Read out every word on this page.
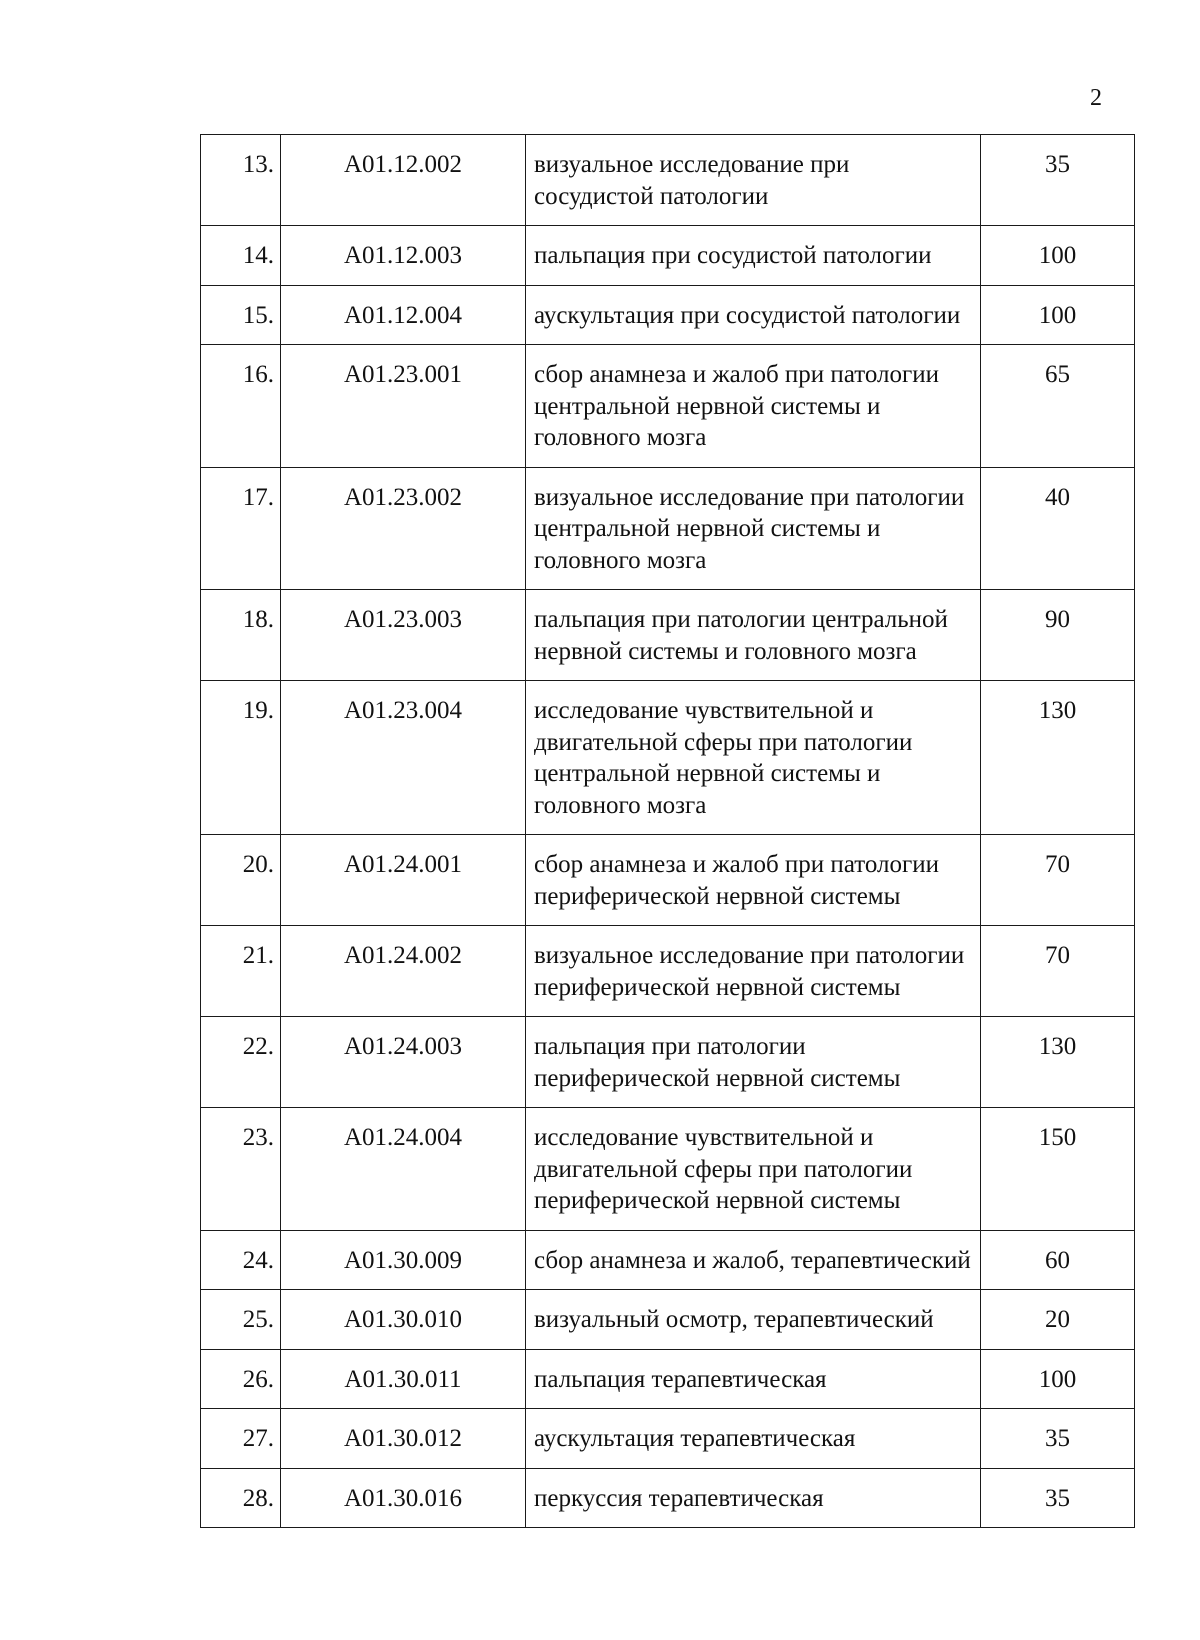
2
13.	A01.12.002	визуальное исследование при сосудистой патологии	35
14.	A01.12.003	пальпация при сосудистой патологии	100
15.	A01.12.004	аускультация при сосудистой патологии	100
16.	A01.23.001	сбор анамнеза и жалоб при патологии центральной нервной системы и головного мозга	65
17.	A01.23.002	визуальное исследование при патологии центральной нервной системы и головного мозга	40
18.	A01.23.003	пальпация при патологии центральной нервной системы и головного мозга	90
19.	A01.23.004	исследование чувствительной и двигательной сферы при патологии центральной нервной системы и головного мозга	130
20.	A01.24.001	сбор анамнеза и жалоб при патологии периферической нервной системы	70
21.	A01.24.002	визуальное исследование при патологии периферической нервной системы	70
22.	A01.24.003	пальпация при патологии периферической нервной системы	130
23.	A01.24.004	исследование чувствительной и двигательной сферы при патологии периферической нервной системы	150
24.	A01.30.009	сбор анамнеза и жалоб, терапевтический	60
25.	A01.30.010	визуальный осмотр, терапевтический	20
26.	A01.30.011	пальпация терапевтическая	100
27.	A01.30.012	аускультация терапевтическая	35
28.	A01.30.016	перкуссия терапевтическая	35
